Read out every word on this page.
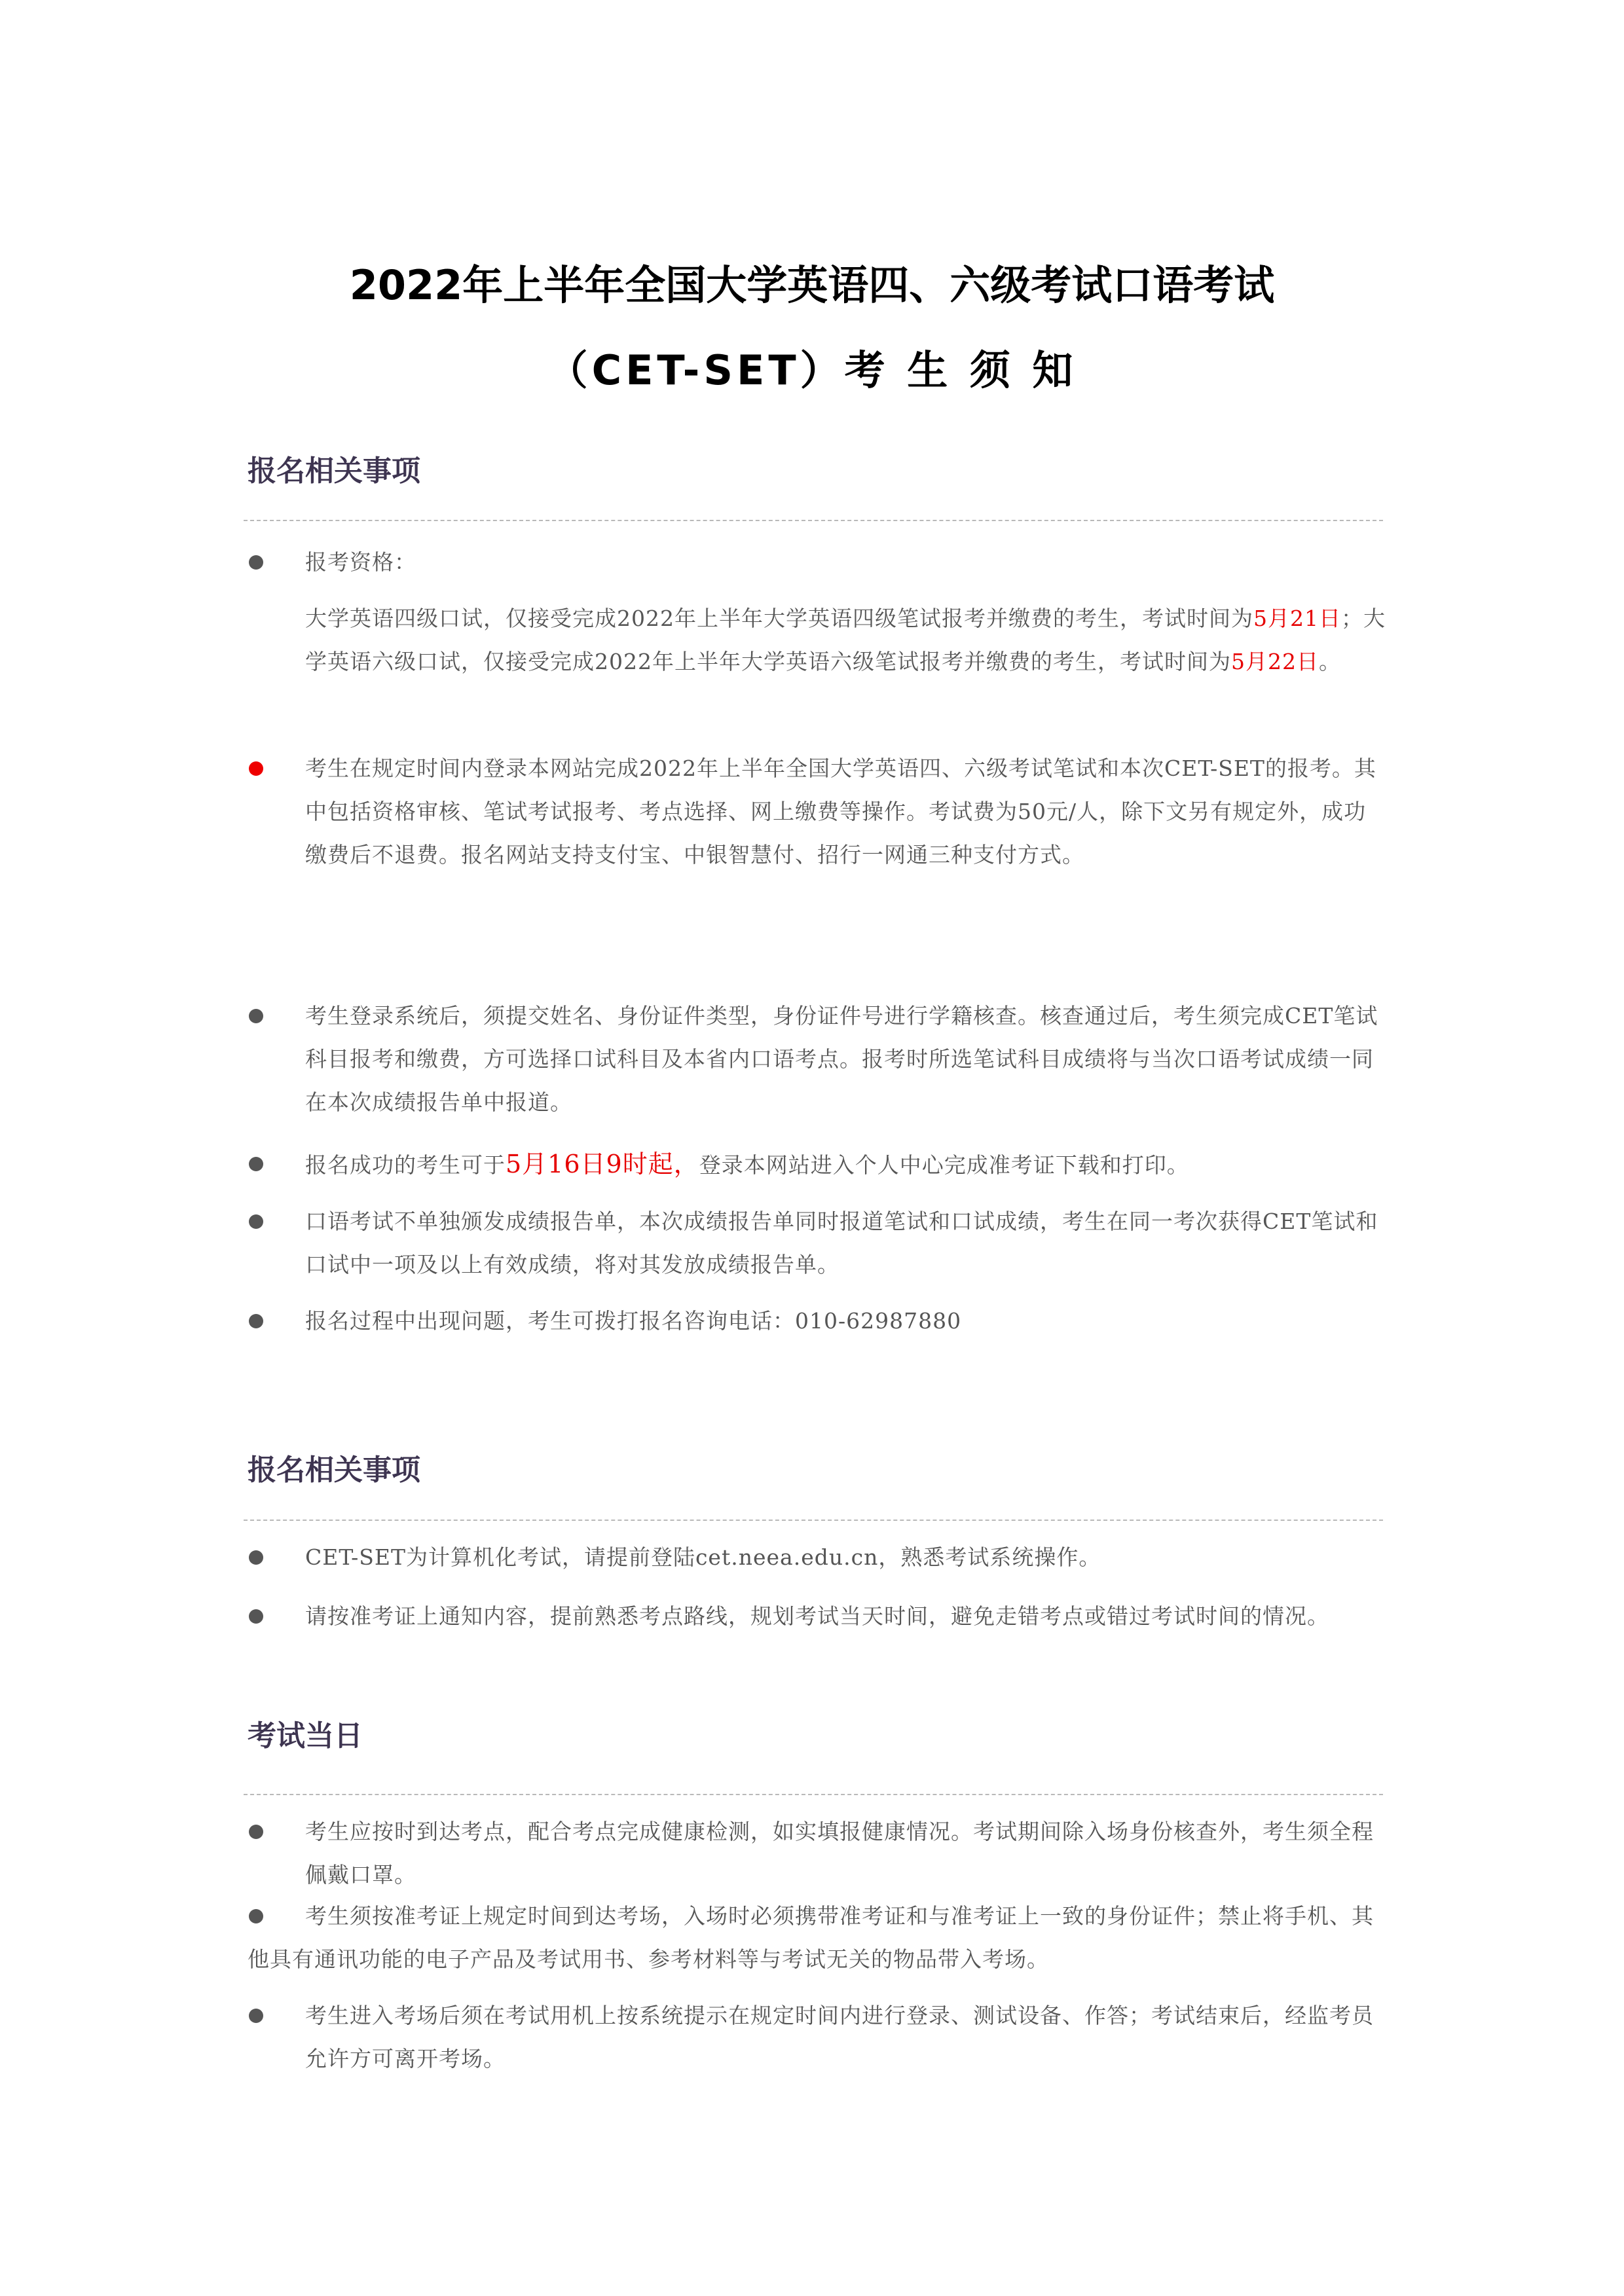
2022年上半年全国大学英语四、六级考试口语考试
（CET-SET）考 生 须 知
报名相关事项
报考资格：
大学英语四级口试，仅接受完成2022年上半年大学英语四级笔试报考并缴费的考生，考试时间为5月21日；大学英语六级口试，仅接受完成2022年上半年大学英语六级笔试报考并缴费的考生，考试时间为5月22日。
考生在规定时间内登录本网站完成2022年上半年全国大学英语四、六级考试笔试和本次CET-SET的报考。其中包括资格审核、笔试考试报考、考点选择、网上缴费等操作。考试费为50元/人，除下文另有规定外，成功缴费后不退费。报名网站支持支付宝、中银智慧付、招行一网通三种支付方式。
考生登录系统后，须提交姓名、身份证件类型，身份证件号进行学籍核查。核查通过后，考生须完成CET笔试科目报考和缴费，方可选择口试科目及本省内口语考点。报考时所选笔试科目成绩将与当次口语考试成绩一同在本次成绩报告单中报道。
报名成功的考生可于5月16日9时起，登录本网站进入个人中心完成准考证下载和打印。
口语考试不单独颁发成绩报告单，本次成绩报告单同时报道笔试和口试成绩，考生在同一考次获得CET笔试和口试中一项及以上有效成绩，将对其发放成绩报告单。
报名过程中出现问题，考生可拨打报名咨询电话：010-62987880
报名相关事项
CET-SET为计算机化考试，请提前登陆cet.neea.edu.cn，熟悉考试系统操作。
请按准考证上通知内容，提前熟悉考点路线，规划考试当天时间，避免走错考点或错过考试时间的情况。
考试当日
考生应按时到达考点，配合考点完成健康检测，如实填报健康情况。考试期间除入场身份核查外，考生须全程佩戴口罩。
考生须按准考证上规定时间到达考场，入场时必须携带准考证和与准考证上一致的身份证件；禁止将手机、其他具有通讯功能的电子产品及考试用书、参考材料等与考试无关的物品带入考场。
考生进入考场后须在考试用机上按系统提示在规定时间内进行登录、测试设备、作答；考试结束后，经监考员允许方可离开考场。
